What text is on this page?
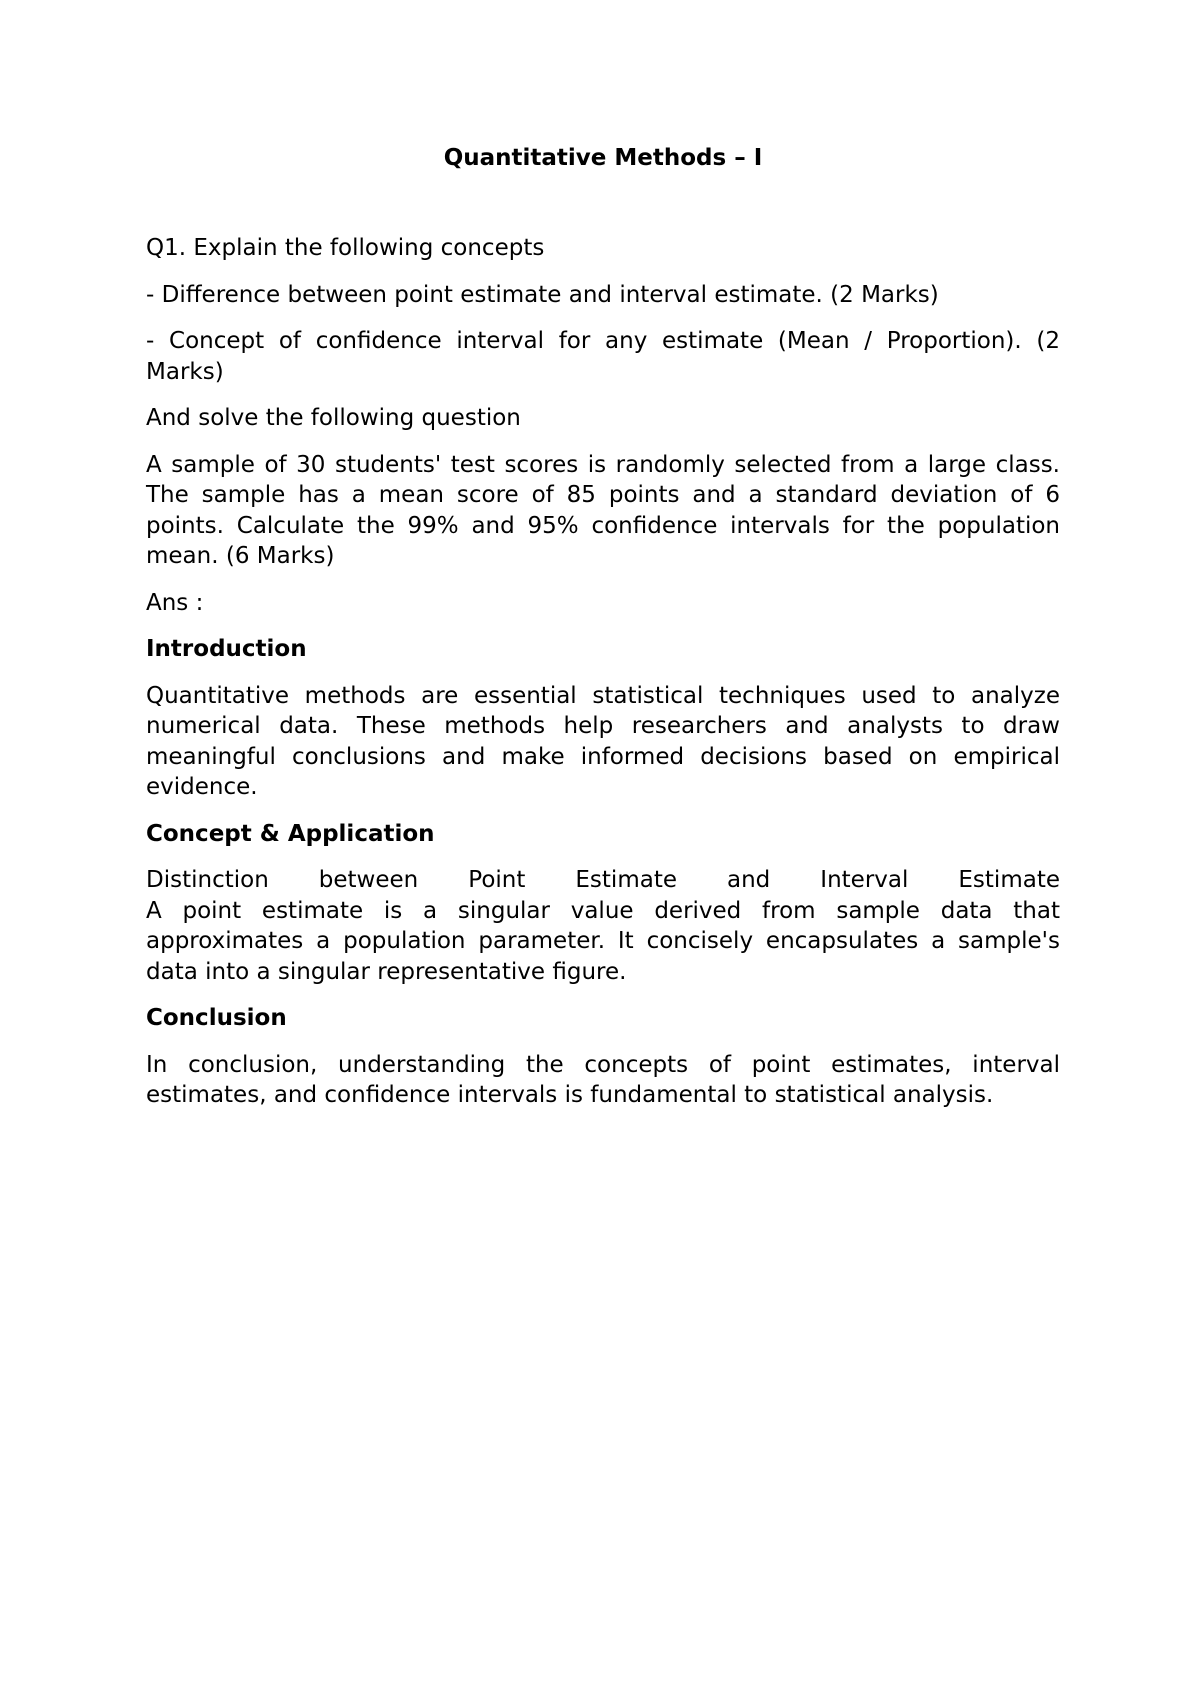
Quantitative Methods – I

Q1. Explain the following concepts

- Difference between point estimate and interval estimate. (2 Marks)

- Concept of confidence interval for any estimate (Mean / Proportion). (2 Marks)

And solve the following question

A sample of 30 students' test scores is randomly selected from a large class. The sample has a mean score of 85 points and a standard deviation of 6 points. Calculate the 99% and 95% confidence intervals for the population mean. (6 Marks)

Ans :

Introduction

Quantitative methods are essential statistical techniques used to analyze numerical data. These methods help researchers and analysts to draw meaningful conclusions and make informed decisions based on empirical evidence.

Concept & Application

Distinction between Point Estimate and Interval Estimate

A point estimate is a singular value derived from sample data that approximates a population parameter. It concisely encapsulates a sample's data into a singular representative figure.

Conclusion

In conclusion, understanding the concepts of point estimates, interval estimates, and confidence intervals is fundamental to statistical analysis.
